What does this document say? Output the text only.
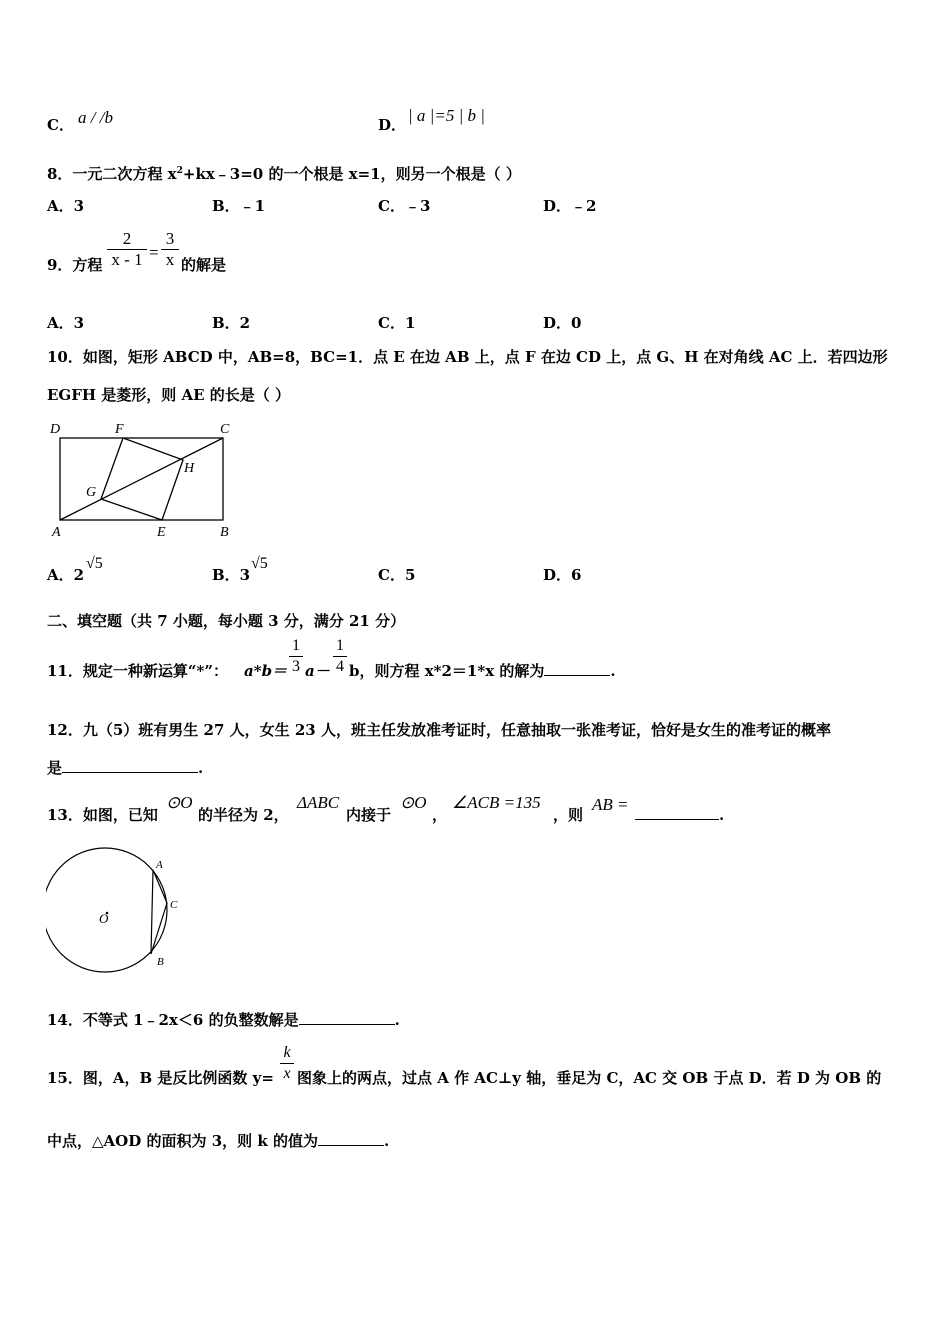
C． a / /b	D． | a |=5 | b |
8．一元二次方程 $x^2+kx﹣3=0$ 的一个根是 x=1，则另一个根是（ ）
A．3	B．﹣1	C．﹣3	D．﹣2
9．方程 $\frac{2}{x - 1} = \frac{3}{x}$ 的解是
A．3	B．2	C．1	D．0
10．如图，矩形 ABCD 中，AB=8，BC=1．点 E 在边 AB 上，点 F 在边 CD 上，点 G、H 在对角线 AC 上．若四边形
EGFH 是菱形，则 AE 的长是（ ）
D	F	C
H
G
A	E	B
A．2
√5
B．3
√5
C．5	D．6
二、填空题（共 7 小题，每小题 3 分，满分 21 分）
11．规定一种新运算“*”： $a*b= \frac{1}{3} a- \frac{1}{4}$ b，则方程 x*2＝1*x 的解为	.
12．九（5）班有男生 27 人，女生 23 人，班主任发放准考证时，任意抽取一张准考证，恰好是女生的准考证的概率
是	.
13．如图，已知
⊙O
的半径为 2，
ΔABC
内接于
⊙O
，
∠ACB =135
，则
AB =
.
A
C
B
O
14．不等式 1﹣2x＜6 的负整数解是	.
15．图，A，B 是反比例函数 $y= \frac{k}{x}$ 图象上的两点，过点 A 作 AC⊥y 轴，垂足为 C，AC 交 OB 于点 D．若 D 为 OB 的
中点，△AOD 的面积为 3，则 k 的值为	.
